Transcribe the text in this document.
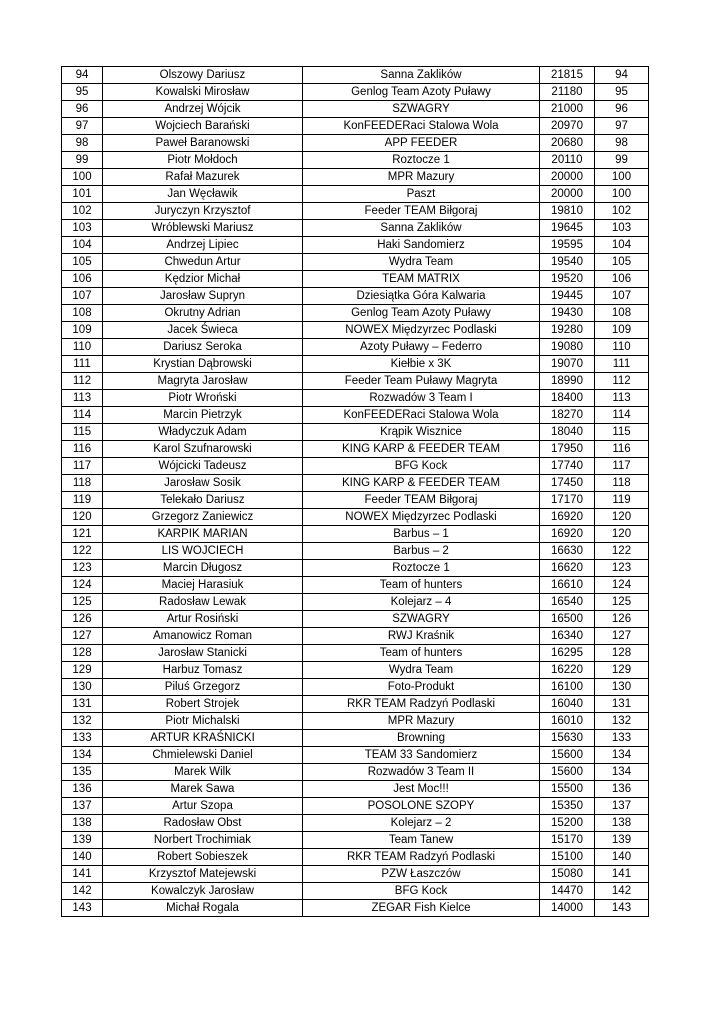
94	Olszowy Dariusz	Sanna Zaklików	21815	94
95	Kowalski Mirosław	Genlog Team Azoty Puławy	21180	95
96	Andrzej Wójcik	SZWAGRY	21000	96
97	Wojciech Barański	KonFEEDERaci Stalowa Wola	20970	97
98	Paweł Baranowski	APP FEEDER	20680	98
99	Piotr Mołdoch	Roztocze 1	20110	99
100	Rafał Mazurek	MPR Mazury	20000	100
101	Jan Węcławik	Paszt	20000	100
102	Juryczyn Krzysztof	Feeder TEAM Biłgoraj	19810	102
103	Wróblewski Mariusz	Sanna Zaklików	19645	103
104	Andrzej Lipiec	Haki Sandomierz	19595	104
105	Chwedun Artur	Wydra Team	19540	105
106	Kędzior Michał	TEAM MATRIX	19520	106
107	Jarosław Supryn	Dziesiątka Góra Kalwaria	19445	107
108	Okrutny Adrian	Genlog Team Azoty Puławy	19430	108
109	Jacek Świeca	NOWEX Międzyrzec Podlaski	19280	109
110	Dariusz Seroka	Azoty Puławy – Federro	19080	110
111	Krystian Dąbrowski	Kiełbie x 3K	19070	111
112	Magryta Jarosław	Feeder Team Puławy Magryta	18990	112
113	Piotr Wroński	Rozwadów 3 Team I	18400	113
114	Marcin Pietrzyk	KonFEEDERaci Stalowa Wola	18270	114
115	Władyczuk Adam	Krąpik Wisznice	18040	115
116	Karol Szufnarowski	KING KARP & FEEDER TEAM	17950	116
117	Wójcicki Tadeusz	BFG Kock	17740	117
118	Jarosław Sosik	KING KARP & FEEDER TEAM	17450	118
119	Telekało Dariusz	Feeder TEAM Biłgoraj	17170	119
120	Grzegorz Zaniewicz	NOWEX Międzyrzec Podlaski	16920	120
121	KARPIK MARIAN	Barbus – 1	16920	120
122	LIS WOJCIECH	Barbus – 2	16630	122
123	Marcin Długosz	Roztocze 1	16620	123
124	Maciej Harasiuk	Team of hunters	16610	124
125	Radosław Lewak	Kolejarz – 4	16540	125
126	Artur Rosiński	SZWAGRY	16500	126
127	Amanowicz Roman	RWJ Kraśnik	16340	127
128	Jarosław Stanicki	Team of hunters	16295	128
129	Harbuz Tomasz	Wydra Team	16220	129
130	Piluś Grzegorz	Foto-Produkt	16100	130
131	Robert Strojek	RKR TEAM Radzyń Podlaski	16040	131
132	Piotr Michalski	MPR Mazury	16010	132
133	ARTUR KRAŚNICKI	Browning	15630	133
134	Chmielewski Daniel	TEAM 33 Sandomierz	15600	134
135	Marek Wilk	Rozwadów 3 Team II	15600	134
136	Marek Sawa	Jest Moc!!!	15500	136
137	Artur Szopa	POSOLONE SZOPY	15350	137
138	Radosław Obst	Kolejarz – 2	15200	138
139	Norbert Trochimiak	Team Tanew	15170	139
140	Robert Sobieszek	RKR TEAM Radzyń Podlaski	15100	140
141	Krzysztof Matejewski	PZW Łaszczów	15080	141
142	Kowalczyk Jarosław	BFG Kock	14470	142
143	Michał Rogala	ZEGAR Fish Kielce	14000	143
